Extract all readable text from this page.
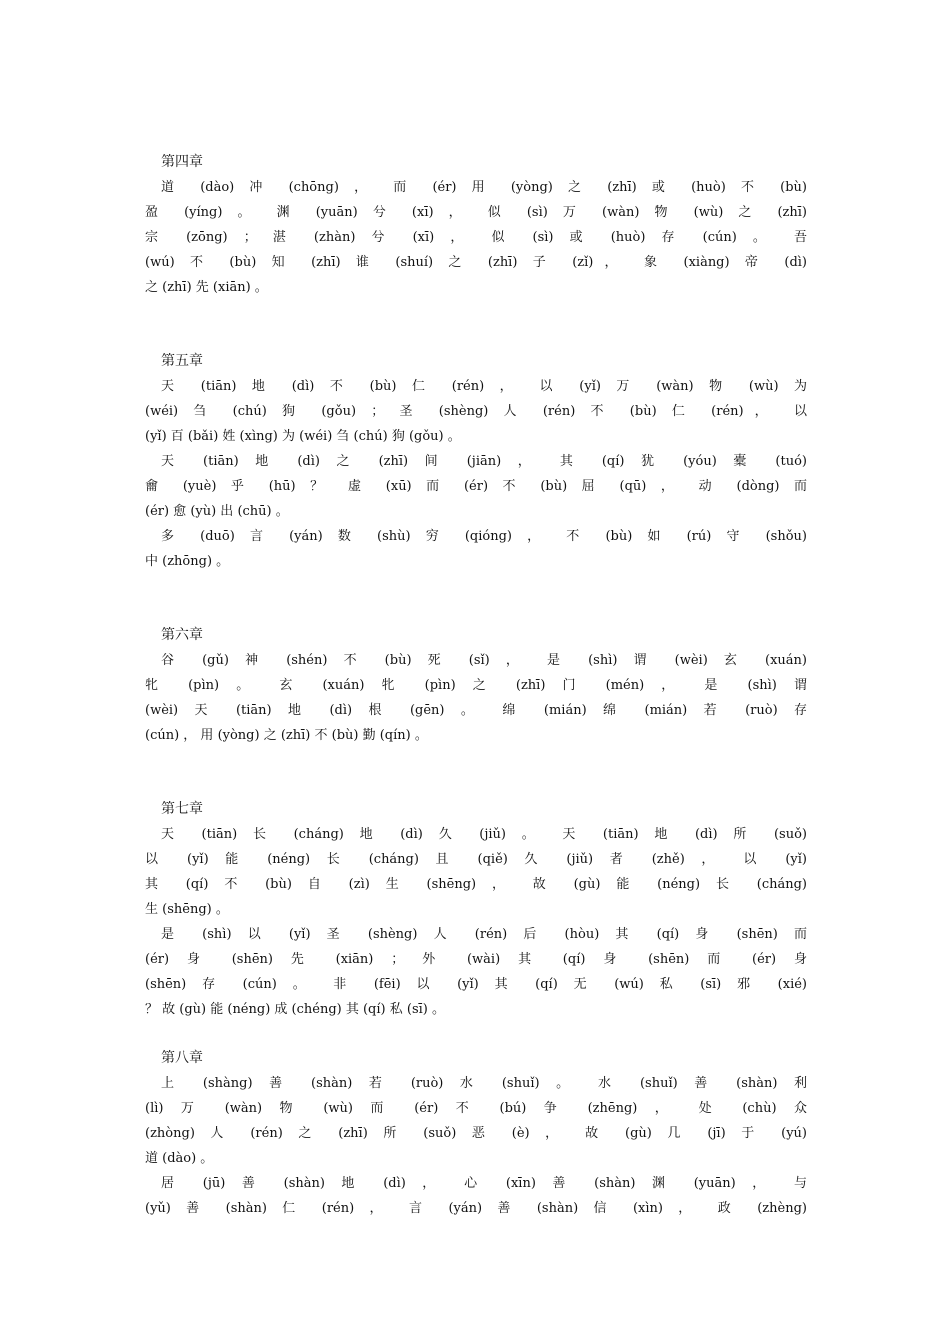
第四章
道 (dào) 冲 (chōng) ， 而 (ér) 用 (yòng) 之 (zhī) 或 (huò) 不 (bù)
盈 (yíng) 。 渊 (yuān) 兮 (xī) ， 似 (sì) 万 (wàn) 物 (wù) 之 (zhī)
宗 (zōng) ； 湛 (zhàn) 兮 (xī) ， 似 (sì) 或 (huò) 存 (cún) 。 吾
(wú) 不 (bù) 知 (zhī) 谁 (shuí) 之 (zhī) 子 (zǐ)， 象 (xiàng) 帝 (dì)
之 (zhī) 先 (xiān) 。
第五章
天 (tiān) 地 (dì) 不 (bù) 仁 (rén) ， 以 (yǐ) 万 (wàn) 物 (wù) 为
(wéi) 刍 (chú) 狗 (gǒu) ； 圣 (shèng) 人 (rén) 不 (bù) 仁 (rén)， 以
(yǐ) 百 (bǎi) 姓 (xìng) 为 (wéi) 刍 (chú) 狗 (gǒu) 。
天 (tiān) 地 (dì) 之 (zhī) 间 (jiān) ， 其 (qí) 犹 (yóu) 橐 (tuó)
龠 (yuè) 乎 (hū) ？ 虚 (xū) 而 (ér) 不 (bù) 屈 (qū) ， 动 (dòng) 而
(ér) 愈 (yù) 出 (chū) 。
多 (duō) 言 (yán) 数 (shù) 穷 (qióng) ， 不 (bù) 如 (rú) 守 (shǒu)
中 (zhōng) 。
第六章
谷 (gǔ) 神 (shén) 不 (bù) 死 (sǐ) ， 是 (shì) 谓 (wèi) 玄 (xuán)
牝 (pìn) 。 玄 (xuán) 牝 (pìn) 之 (zhī) 门 (mén) ， 是 (shì) 谓
(wèi) 天 (tiān) 地 (dì) 根 (gēn) 。 绵 (mián) 绵 (mián) 若 (ruò) 存
(cún) ， 用 (yòng) 之 (zhī) 不 (bù) 勤 (qín) 。
第七章
天 (tiān) 长 (cháng) 地 (dì) 久 (jiǔ) 。 天 (tiān) 地 (dì) 所 (suǒ)
以 (yǐ) 能 (néng) 长 (cháng) 且 (qiě) 久 (jiǔ) 者 (zhě) ， 以 (yǐ)
其 (qí) 不 (bù) 自 (zì) 生 (shēng) ， 故 (gù) 能 (néng) 长 (cháng)
生 (shēng) 。
是 (shì) 以 (yǐ) 圣 (shèng) 人 (rén) 后 (hòu) 其 (qí) 身 (shēn) 而
(ér) 身 (shēn) 先 (xiān) ； 外 (wài) 其 (qí) 身 (shēn) 而 (ér) 身
(shēn) 存 (cún) 。 非 (fēi) 以 (yǐ) 其 (qí) 无 (wú) 私 (sī) 邪 (xié)
？ 故 (gù) 能 (néng) 成 (chéng) 其 (qí) 私 (sī) 。
第八章
上 (shàng) 善 (shàn) 若 (ruò) 水 (shuǐ) 。 水 (shuǐ) 善 (shàn) 利
(lì) 万 (wàn) 物 (wù) 而 (ér) 不 (bú) 争 (zhēng) ， 处 (chù) 众
(zhòng) 人 (rén) 之 (zhī) 所 (suǒ) 恶 (è) ， 故 (gù) 几 (jī) 于 (yú)
道 (dào) 。
居 (jū) 善 (shàn) 地 (dì) ， 心 (xīn) 善 (shàn) 渊 (yuān) ， 与
(yǔ) 善 (shàn) 仁 (rén) ， 言 (yán) 善 (shàn) 信 (xìn) ， 政 (zhèng)
